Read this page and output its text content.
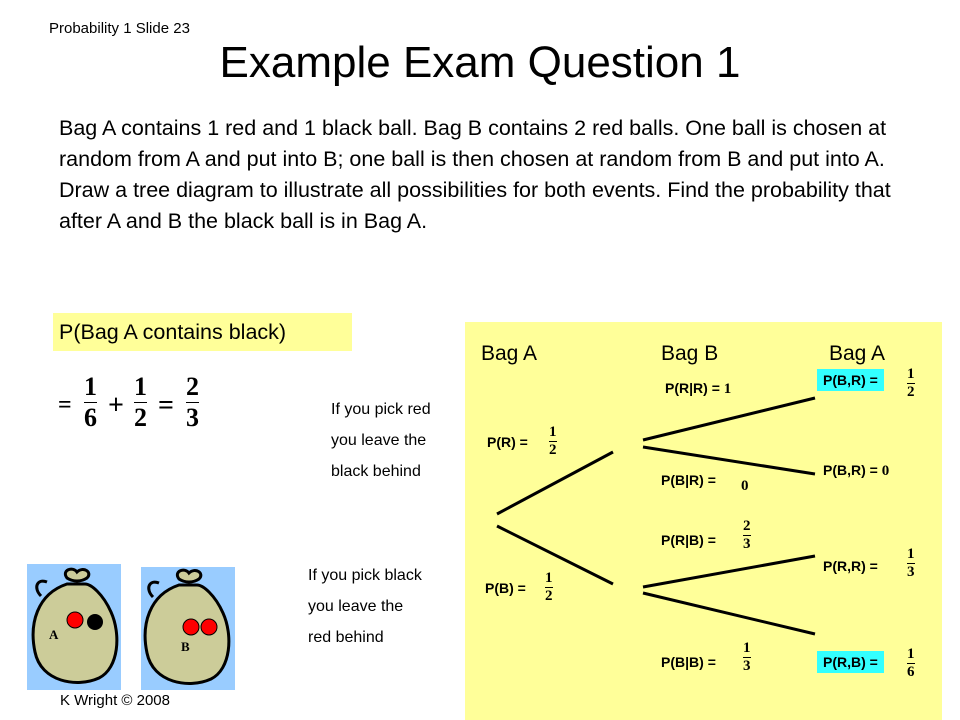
Probability 1 Slide 23
Example Exam Question 1
Bag A contains 1 red and 1 black ball. Bag B contains 2 red balls. One ball is chosen at random from A and put into B; one ball is then chosen at random from B and put into A. Draw a tree diagram to illustrate all possibilities for both events. Find the probability that after A and B the black ball is in Bag A.
P(Bag A contains black)
=
1
6 +
1
2 =
2
3	If you pick red
you leave the
black behind
If you pick black
you leave the
red behind
Bag A	Bag B	Bag A
P(R) =
1
2
P(B) =
1
2
P(R|R) = 1
P(B|R) = 0
P(R|B) =
2
3
P(B|B) =
1
3
P(B,R) =	1
2
P(B,R) = 0
P(R,R) =
1
3
P(R,B) =	1
6
A
B
K Wright © 2008
